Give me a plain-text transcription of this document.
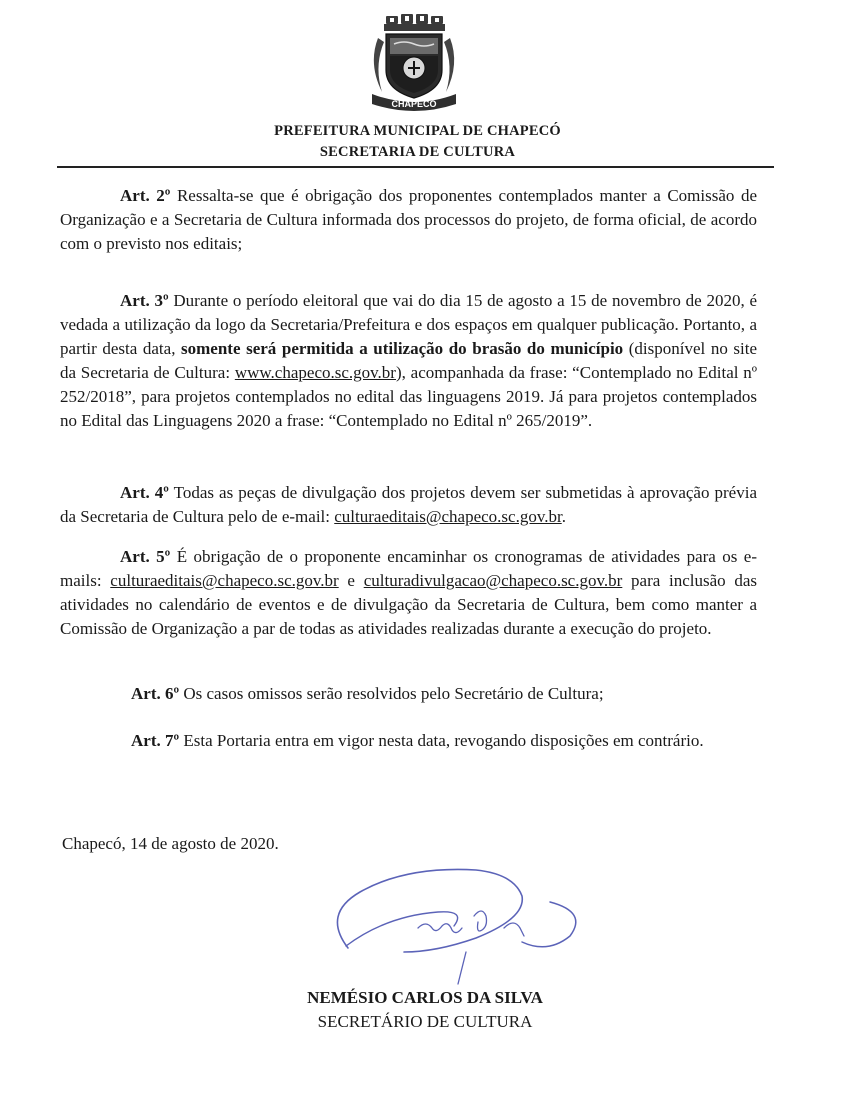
CHAPECÓ
PREFEITURA MUNICIPAL DE CHAPECÓ
SECRETARIA DE CULTURA
Art. 2º Ressalta-se que é obrigação dos proponentes contemplados manter a Comissão de Organização e a Secretaria de Cultura informada dos processos do projeto, de forma oficial, de acordo com o previsto nos editais;
Art. 3º Durante o período eleitoral que vai do dia 15 de agosto a 15 de novembro de 2020, é vedada a utilização da logo da Secretaria/Prefeitura e dos espaços em qualquer publicação. Portanto, a partir desta data, somente será permitida a utilização do brasão do município (disponível no site da Secretaria de Cultura: www.chapeco.sc.gov.br), acompanhada da frase: “Contemplado no Edital nº 252/2018”, para projetos contemplados no edital das linguagens 2019. Já para projetos contemplados no Edital das Linguagens 2020 a frase: “Contemplado no Edital nº 265/2019”.
Art. 4º Todas as peças de divulgação dos projetos devem ser submetidas à aprovação prévia da Secretaria de Cultura pelo de e-mail: culturaeditais@chapeco.sc.gov.br.
Art. 5º É obrigação de o proponente encaminhar os cronogramas de atividades para os e-mails: culturaeditais@chapeco.sc.gov.br e culturadivulgacao@chapeco.sc.gov.br para inclusão das atividades no calendário de eventos e de divulgação da Secretaria de Cultura, bem como manter a Comissão de Organização a par de todas as atividades realizadas durante a execução do projeto.
Art. 6º Os casos omissos serão resolvidos pelo Secretário de Cultura;
Art. 7º Esta Portaria entra em vigor nesta data, revogando disposições em contrário.
Chapecó, 14 de agosto de 2020.
NEMÉSIO CARLOS DA SILVA
SECRETÁRIO DE CULTURA
